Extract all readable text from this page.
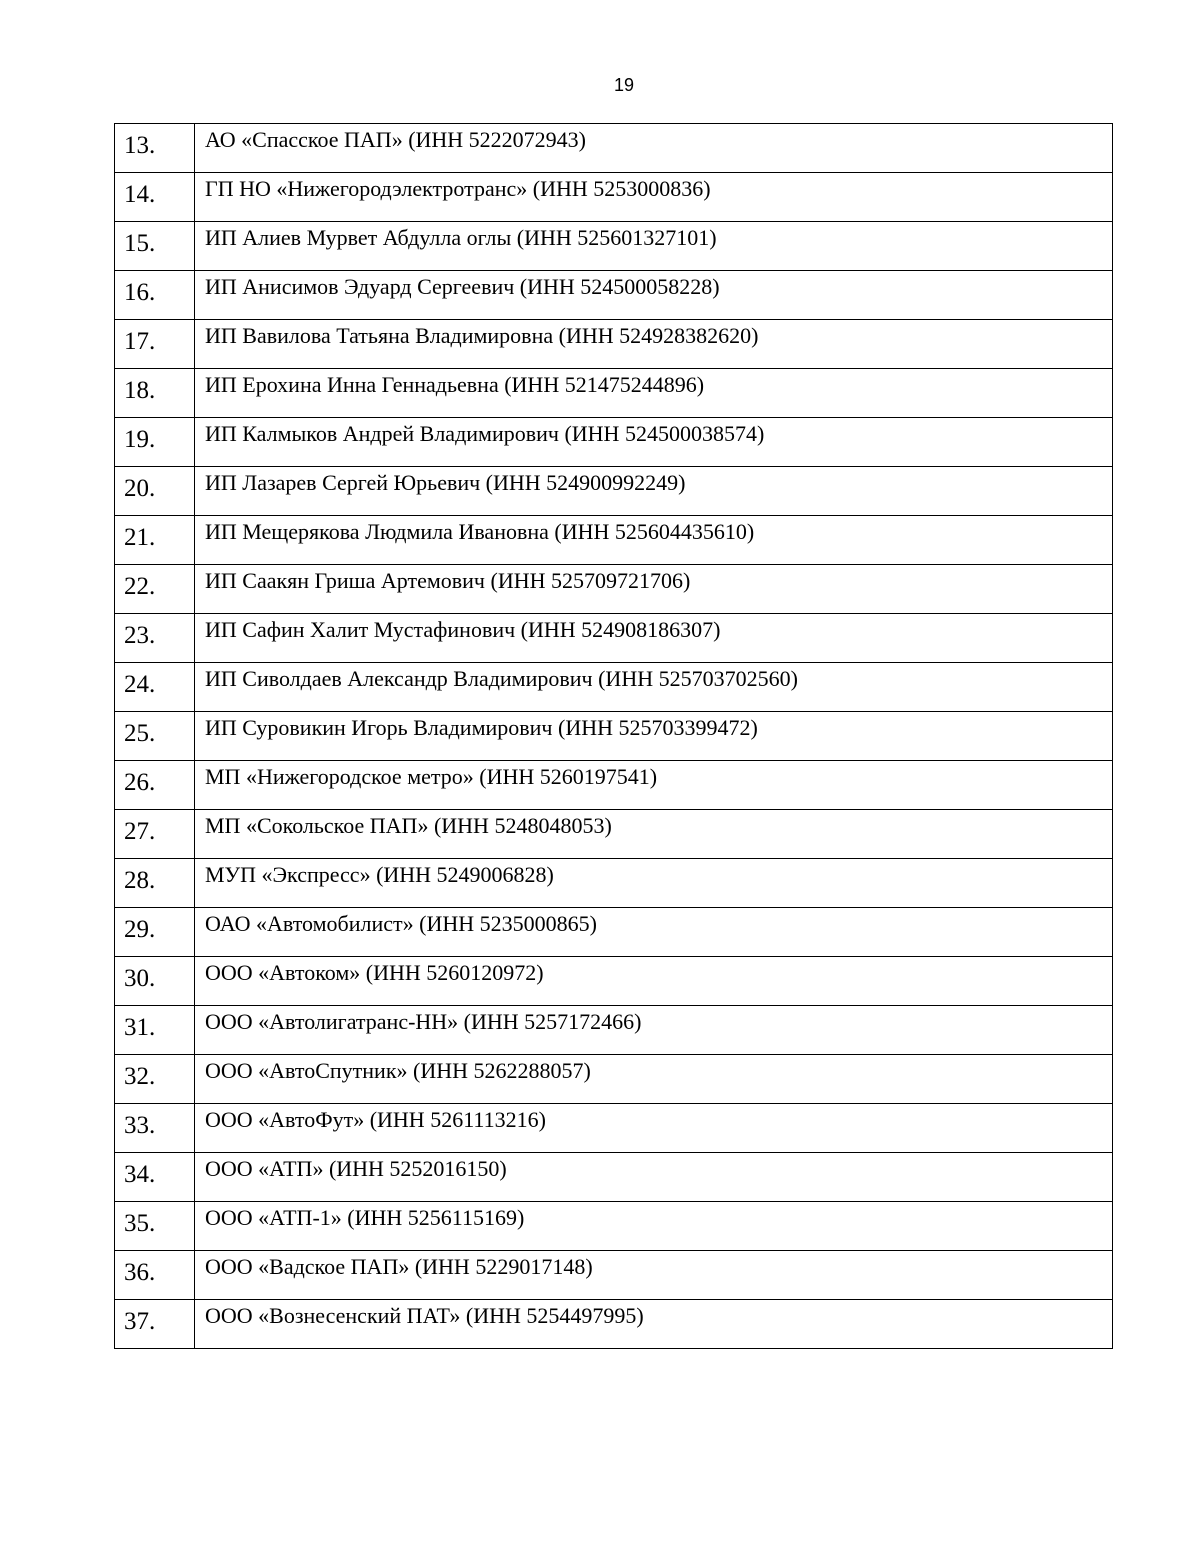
19
13.	АО «Спасское ПАП» (ИНН 5222072943)
14.	ГП НО «Нижегородэлектротранс» (ИНН 5253000836)
15.	ИП Алиев Мурвет Абдулла оглы (ИНН 525601327101)
16.	ИП Анисимов Эдуард Сергеевич (ИНН 524500058228)
17.	ИП Вавилова Татьяна Владимировна (ИНН 524928382620)
18.	ИП Ерохина Инна Геннадьевна (ИНН 521475244896)
19.	ИП Калмыков Андрей Владимирович (ИНН 524500038574)
20.	ИП Лазарев Сергей Юрьевич (ИНН 524900992249)
21.	ИП Мещерякова Людмила Ивановна (ИНН 525604435610)
22.	ИП Саакян Гриша Артемович (ИНН 525709721706)
23.	ИП Сафин Халит Мустафинович (ИНН 524908186307)
24.	ИП Сиволдаев Александр Владимирович (ИНН 525703702560)
25.	ИП Суровикин Игорь Владимирович (ИНН 525703399472)
26.	МП «Нижегородское метро» (ИНН 5260197541)
27.	МП «Сокольское ПАП» (ИНН 5248048053)
28.	МУП «Экспресс» (ИНН 5249006828)
29.	ОАО «Автомобилист» (ИНН 5235000865)
30.	ООО «Автоком» (ИНН 5260120972)
31.	ООО «Автолигатранс-НН» (ИНН 5257172466)
32.	ООО «АвтоСпутник» (ИНН 5262288057)
33.	ООО «АвтоФут» (ИНН 5261113216)
34.	ООО «АТП» (ИНН 5252016150)
35.	ООО «АТП-1» (ИНН 5256115169)
36.	ООО «Вадское ПАП» (ИНН 5229017148)
37.	ООО «Вознесенский ПАТ» (ИНН 5254497995)
